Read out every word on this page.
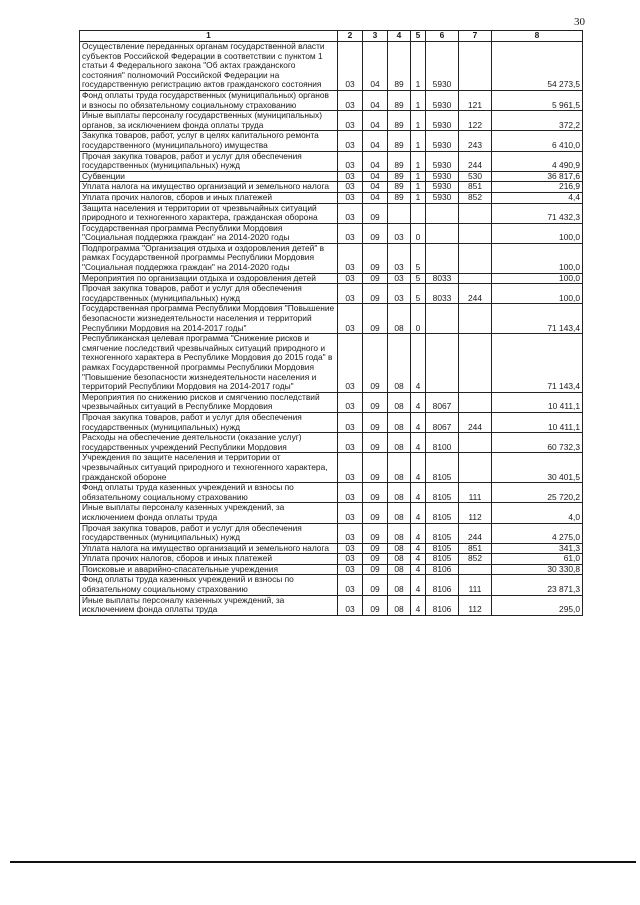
30
1	2	3	4	5	6	7	8
Осуществление переданных органам государственной власти субъектов Российской Федерации в соответствии с пунктом 1 статьи 4 Федерального закона "Об актах гражданского состояния" полномочий Российской Федерации на государственную регистрацию актов гражданского состояния	03	04	89	1	5930		54 273,5
Фонд оплаты труда государственных (муниципальных) органов и взносы по обязательному социальному страхованию	03	04	89	1	5930	121	5 961,5
Иные выплаты персоналу государственных (муниципальных) органов, за исключением фонда оплаты труда	03	04	89	1	5930	122	372,2
Закупка товаров, работ, услуг в целях капитального ремонта государственного (муниципального) имущества	03	04	89	1	5930	243	6 410,0
Прочая закупка товаров, работ и услуг для обеспечения государственных (муниципальных) нужд	03	04	89	1	5930	244	4 490,9
Субвенции	03	04	89	1	5930	530	36 817,6
Уплата налога на имущество организаций и земельного налога	03	04	89	1	5930	851	216,9
Уплата прочих налогов, сборов и иных платежей	03	04	89	1	5930	852	4,4
Защита населения и территории от чрезвычайных ситуаций природного и техногенного характера, гражданская оборона	03	09					71 432,3
Государственная программа Республики Мордовия "Социальная поддержка граждан" на 2014-2020 годы	03	09	03	0			100,0
Подпрограмма "Организация отдыха и оздоровления детей" в рамках Государственной программы Республики Мордовия "Социальная поддержка граждан" на 2014-2020 годы	03	09	03	5			100,0
Мероприятия по организации отдыха и оздоровления детей	03	09	03	5	8033		100,0
Прочая закупка товаров, работ и услуг для обеспечения государственных (муниципальных) нужд	03	09	03	5	8033	244	100,0
Государственная программа Республики Мордовия "Повышение безопасности жизнедеятельности населения и территорий Республики Мордовия на 2014-2017 годы"	03	09	08	0			71 143,4
Республиканская целевая программа "Снижение рисков и смягчение последствий чрезвычайных ситуаций природного и техногенного характера в Республике Мордовия до 2015 года" в рамках Государственной программы Республики Мордовия "Повышение безопасности жизнедеятельности населения и территорий Республики Мордовия на 2014-2017 годы"	03	09	08	4			71 143,4
Мероприятия по снижению рисков и смягчению последствий чрезвычайных ситуаций в Республике Мордовия	03	09	08	4	8067		10 411,1
Прочая закупка товаров, работ и услуг для обеспечения государственных (муниципальных) нужд	03	09	08	4	8067	244	10 411,1
Расходы на обеспечение деятельности (оказание услуг) государственных учреждений Республики Мордовия	03	09	08	4	8100		60 732,3
Учреждения по защите населения и территории от чрезвычайных ситуаций природного и техногенного характера, гражданской обороне	03	09	08	4	8105		30 401,5
Фонд оплаты труда казенных учреждений и взносы по обязательному социальному страхованию	03	09	08	4	8105	111	25 720,2
Иные выплаты персоналу казенных учреждений, за исключением фонда оплаты труда	03	09	08	4	8105	112	4,0
Прочая закупка товаров, работ и услуг для обеспечения государственных (муниципальных) нужд	03	09	08	4	8105	244	4 275,0
Уплата налога на имущество организаций и земельного налога	03	09	08	4	8105	851	341,3
Уплата прочих налогов, сборов и иных платежей	03	09	08	4	8105	852	61,0
Поисковые и аварийно-спасательные учреждения	03	09	08	4	8106		30 330,8
Фонд оплаты труда казенных учреждений и взносы по обязательному социальному страхованию	03	09	08	4	8106	111	23 871,3
Иные выплаты персоналу казенных учреждений, за исключением фонда оплаты труда	03	09	08	4	8106	112	295,0
